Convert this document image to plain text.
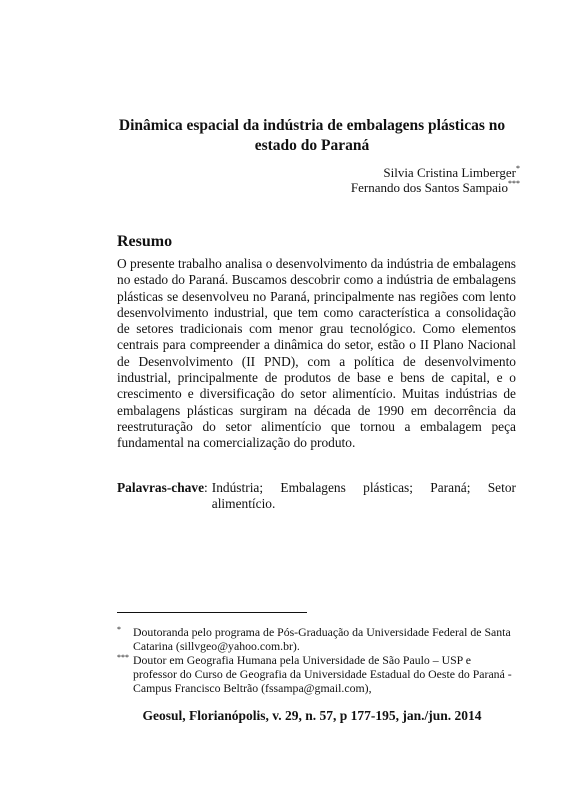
Dinâmica espacial da indústria de embalagens plásticas no estado do Paraná
Silvia Cristina Limberger*
Fernando dos Santos Sampaio***
Resumo

O presente trabalho analisa o desenvolvimento da indústria de embalagens no estado do Paraná. Buscamos descobrir como a indústria de embalagens plásticas se desenvolveu no Paraná, principalmente nas regiões com lento desenvolvimento industrial, que tem como característica a consolidação de setores tradicionais com menor grau tecnológico. Como elementos centrais para compreender a dinâmica do setor, estão o II Plano Nacional de Desenvolvimento (II PND), com a política de desenvolvimento industrial, principalmente de produtos de base e bens de capital, e o crescimento e diversificação do setor alimentício. Muitas indústrias de embalagens plásticas surgiram na década de 1990 em decorrência da reestruturação do setor alimentício que tornou a embalagem peça fundamental na comercialização do produto.

Palavras-chave : Indústria; Embalagens plásticas; Paraná; Setor alimentício.
*	Doutoranda pelo programa de Pós-Graduação da Universidade Federal de Santa Catarina (sillvgeo@yahoo.com.br).
*** Doutor em Geografia Humana pela Universidade de São Paulo – USP e professor do Curso de Geografia da Universidade Estadual do Oeste do Paraná - Campus Francisco Beltrão (fssampa@gmail.com),
Geosul, Florianópolis, v. 29, n. 57, p 177-195, jan./jun. 2014
